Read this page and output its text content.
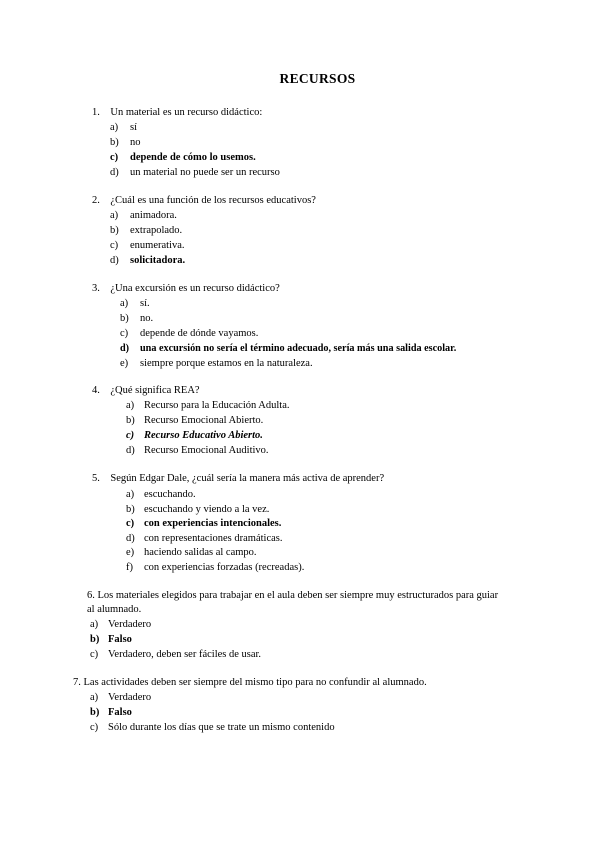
RECURSOS
1. Un material es un recurso didáctico:
a) sí
b) no
c) depende de cómo lo usemos.
d) un material no puede ser un recurso
2. ¿Cuál es una función de los recursos educativos?
a) animadora.
b) extrapolado.
c) enumerativa.
d) solicitadora.
3. ¿Una excursión es un recurso didáctico?
a) sí.
b) no.
c) depende de dónde vayamos.
d) una excursión no sería el término adecuado, sería más una salida escolar.
e) siempre porque estamos en la naturaleza.
4. ¿Qué significa REA?
a) Recurso para la Educación Adulta.
b) Recurso Emocional Abierto.
c) Recurso Educativo Abierto.
d) Recurso Emocional Auditivo.
5. Según Edgar Dale, ¿cuál sería la manera más activa de aprender?
a) escuchando.
b) escuchando y viendo a la vez.
c) con experiencias intencionales.
d) con representaciones dramáticas.
e) haciendo salidas al campo.
f) con experiencias forzadas (recreadas).
6. Los materiales elegidos para trabajar en el aula deben ser siempre muy estructurados para guiar
al alumnado.
a) Verdadero
b) Falso
c) Verdadero, deben ser fáciles de usar.
7. Las actividades deben ser siempre del mismo tipo para no confundir al alumnado.
a) Verdadero
b) Falso
c) Sólo durante los días que se trate un mismo contenido
